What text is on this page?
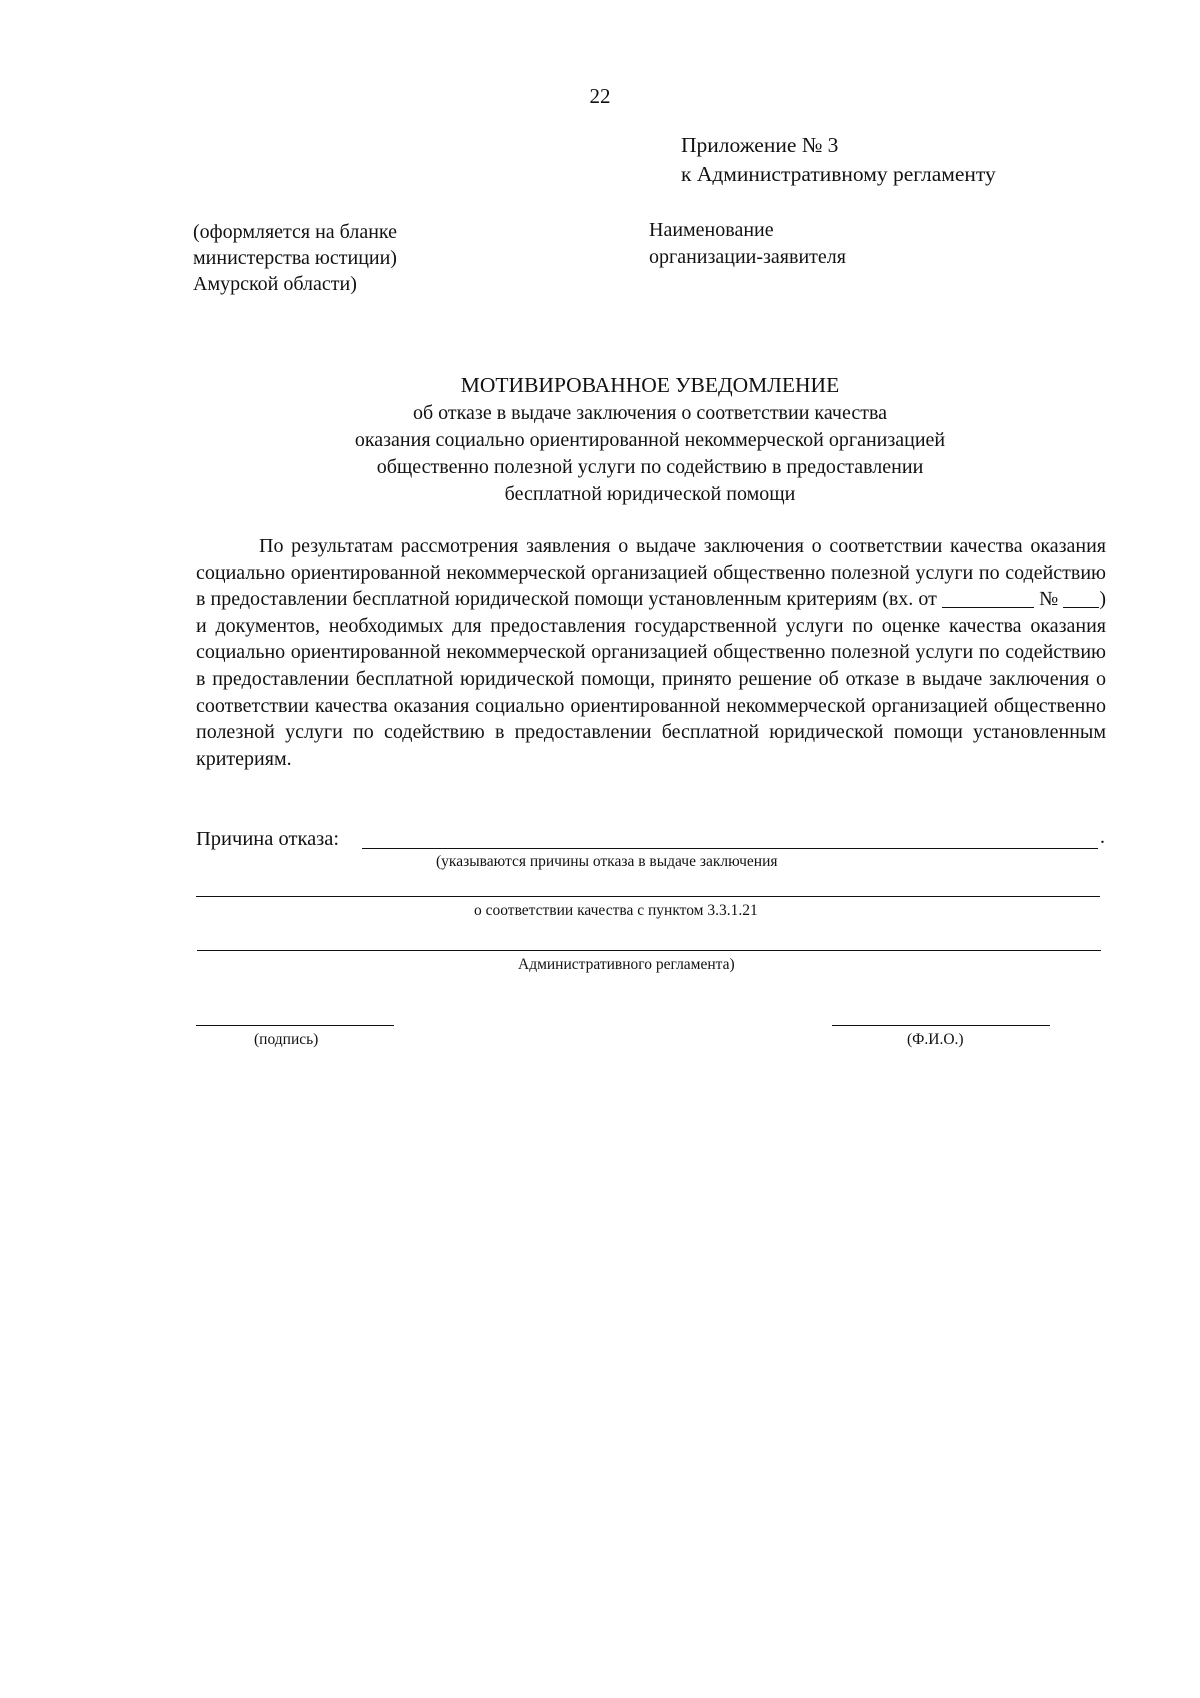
22
Приложение № 3
к Административному регламенту
(оформляется на бланке
министерства юстиции)
Амурской области)
Наименование
организации-заявителя
МОТИВИРОВАННОЕ УВЕДОМЛЕНИЕ
об отказе в выдаче заключения о соответствии качества
оказания социально ориентированной некоммерческой организацией
общественно полезной услуги по содействию в предоставлении
бесплатной юридической помощи
По результатам рассмотрения заявления о выдаче заключения о соответствии качества оказания социально ориентированной некоммерческой организацией общественно полезной услуги по содействию в предоставлении бесплатной юридической помощи установленным критериям (вх. от	№ ) и документов, необходимых для предоставления государственной услуги по оценке качества оказания социально ориентированной некоммерческой организацией общественно полезной услуги по содействию в предоставлении бесплатной юридической помощи, принято решение об отказе в выдаче заключения о соответствии качества оказания социально ориентированной некоммерческой организацией общественно полезной услуги по содействию в предоставлении бесплатной юридической помощи установленным критериям.
Причина отказа:	.
(указываются причины отказа в выдаче заключения
о соответствии качества с пунктом 3.3.1.21
Административного регламента)
(подпись)	(Ф.И.О.)
